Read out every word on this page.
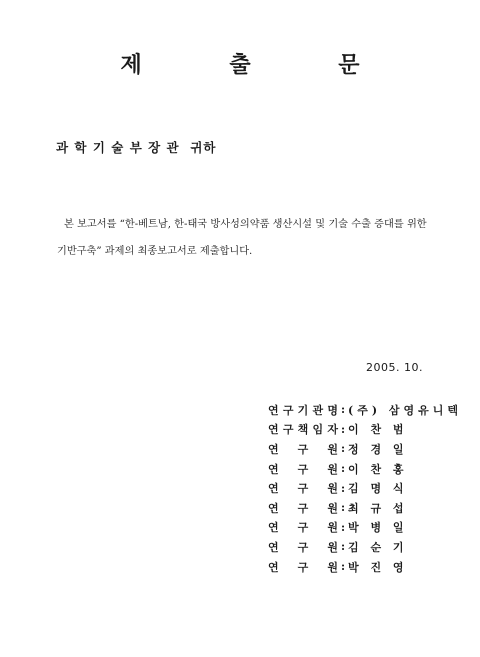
제 출 문
과 학 기 술 부 장 관  귀하
본 보고서를 “한-베트남, 한-태국 방사성의약품 생산시설 및 기술 수출 증대를 위한
기반구축” 과제의 최종보고서로 제출합니다.
2005. 10.
연 구 기 관 명 : (주) 삼영유니텍
연 구 책 임 자 : 이 찬 범
연 구 원 : 정 경 일
연 구 원 : 이 찬 홍
연 구 원 : 김 명 식
연 구 원 : 최 규 섭
연 구 원 : 박 병 일
연 구 원 : 김 순 기
연 구 원 : 박 진 영
